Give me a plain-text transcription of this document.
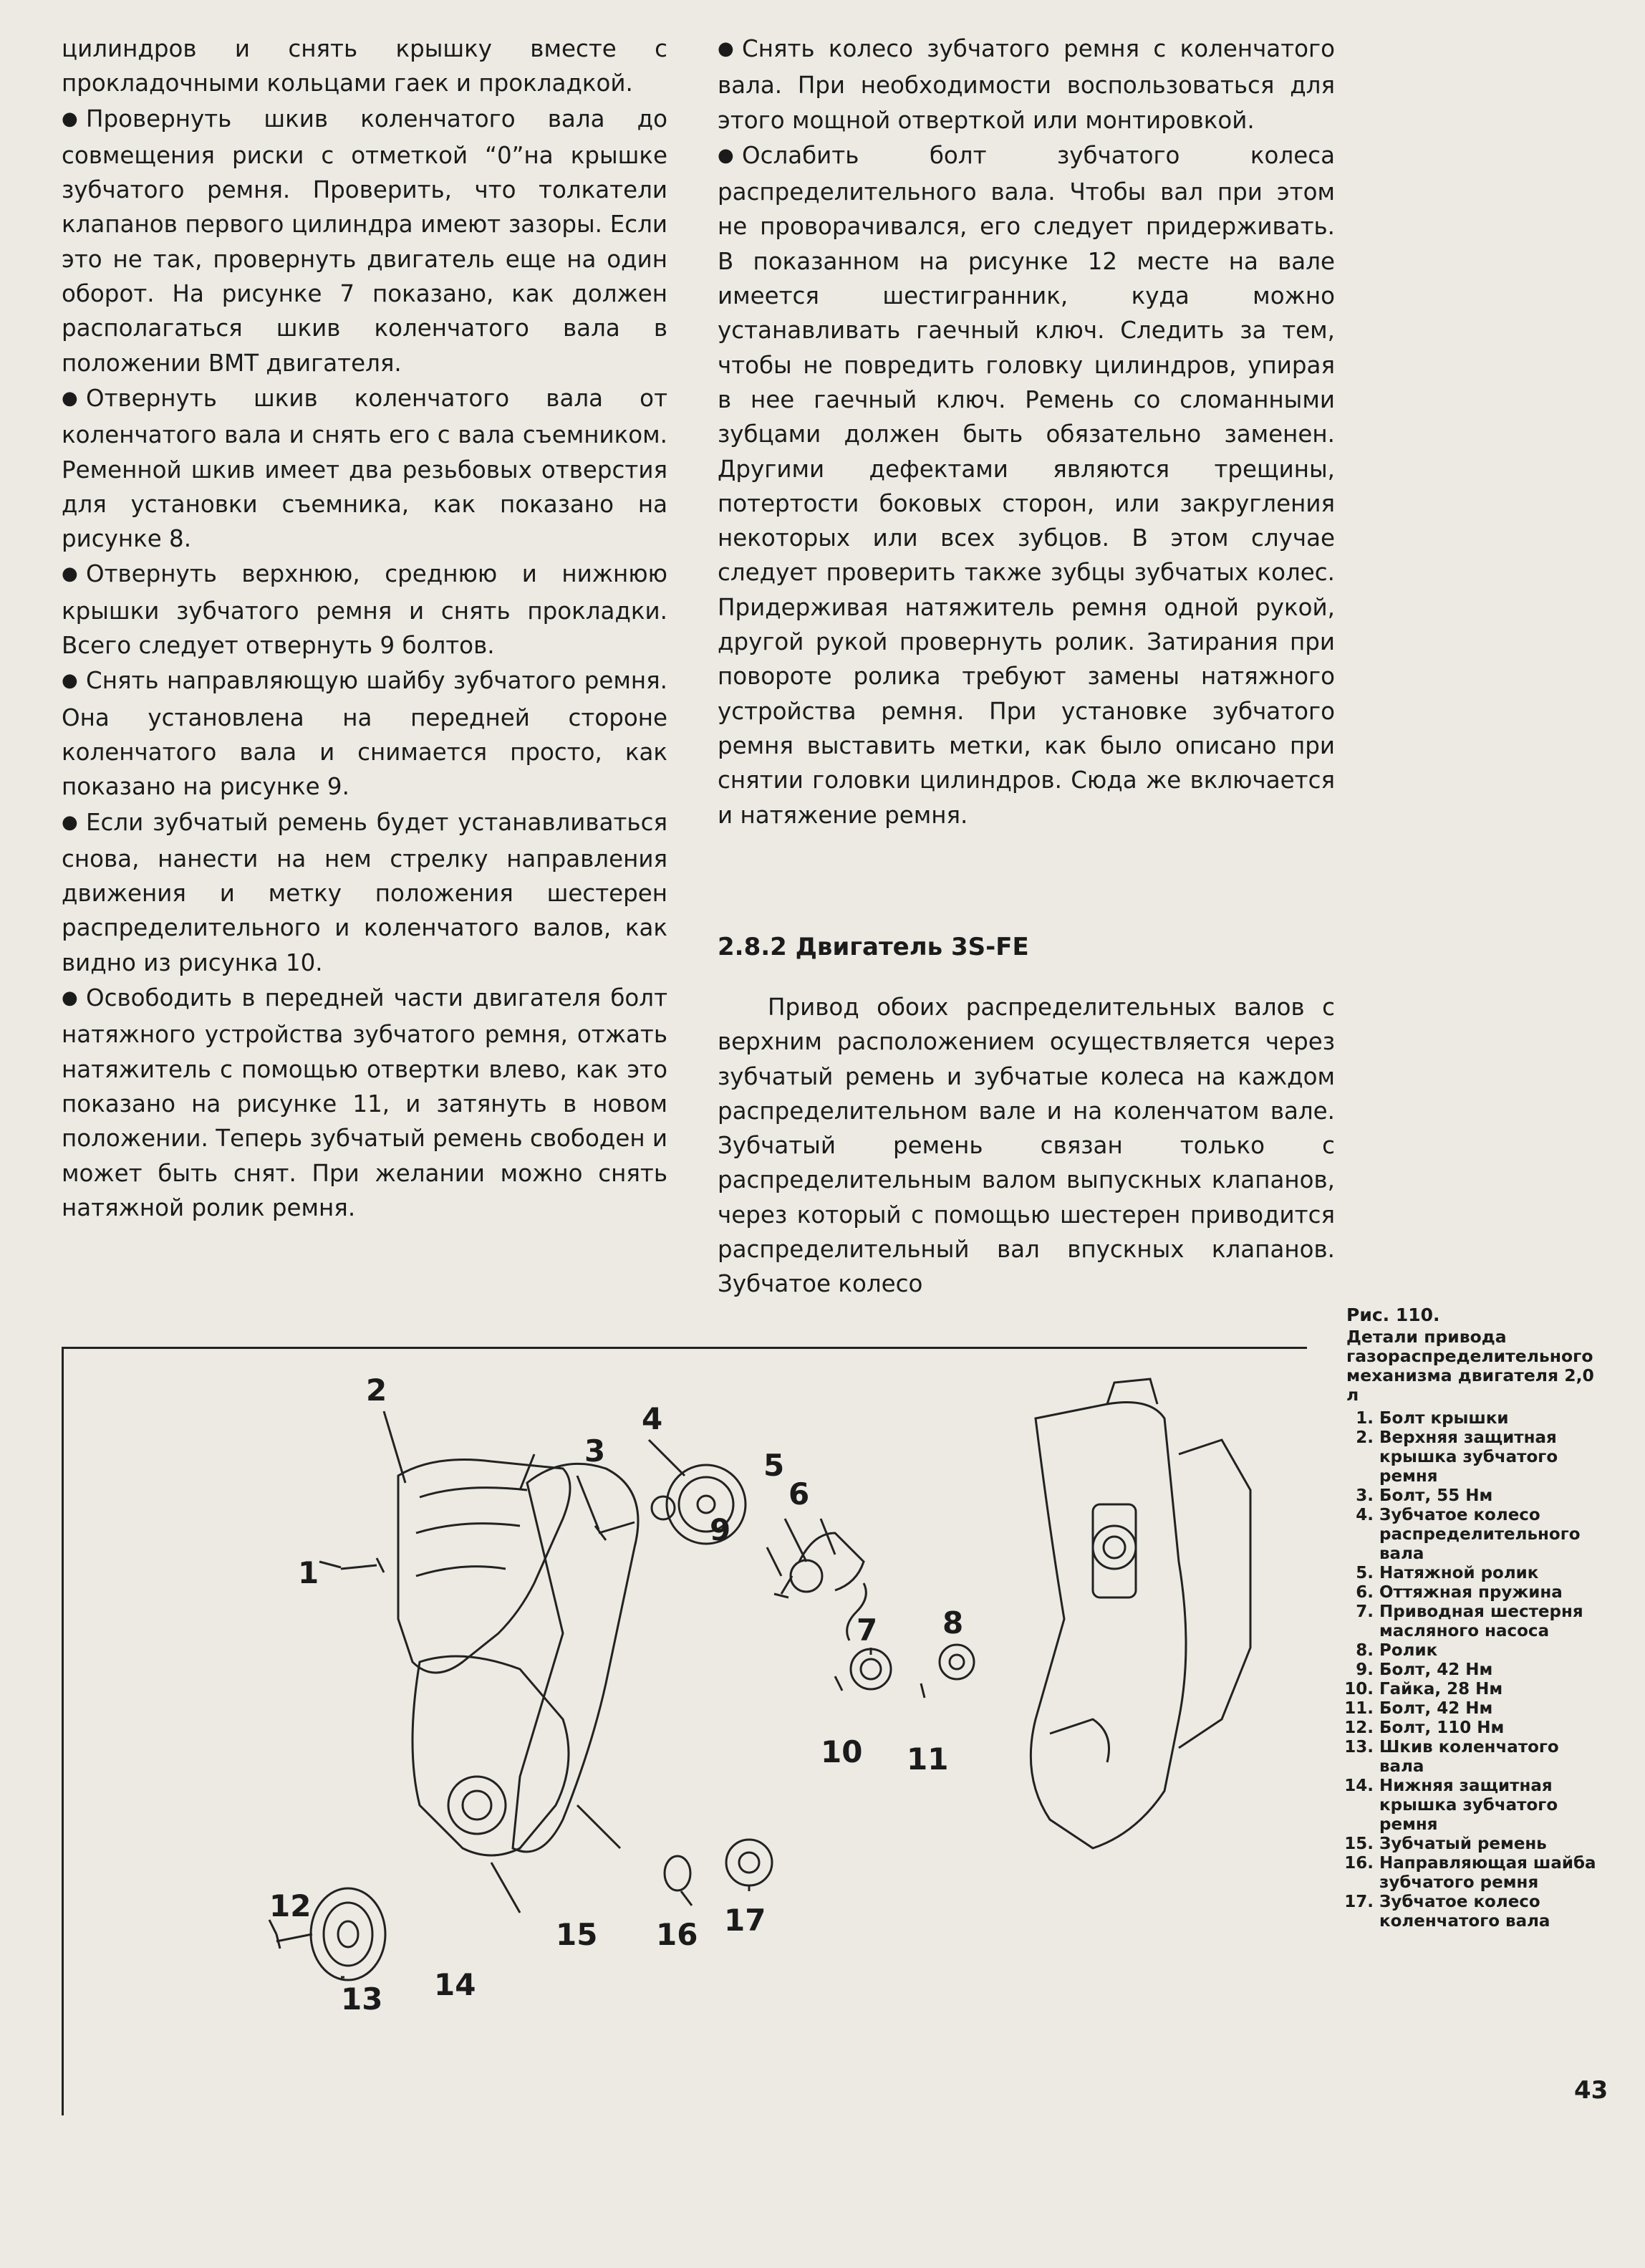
цилиндров и снять крышку вместе с прокладочными кольцами гаек и прокладкой.

●Провернуть шкив коленчатого вала до совмещения риски с отметкой “0”на крышке зубчатого ремня. Проверить, что толкатели клапанов первого цилиндра имеют зазоры. Если это не так, провернуть двигатель еще на один оборот. На рисунке 7 показано, как должен располагаться шкив коленчатого вала в положении ВМТ двигателя.

●Отвернуть шкив коленчатого вала от коленчатого вала и снять его с вала съемником. Ременной шкив имеет два резьбовых отверстия для установки съемника, как показано на рисунке 8.

●Отвернуть верхнюю, среднюю и нижнюю крышки зубчатого ремня и снять прокладки. Всего следует отвернуть 9 болтов.

●Снять направляющую шайбу зубчатого ремня. Она установлена на передней стороне коленчатого вала и снимается просто, как показано на рисунке 9.

●Если зубчатый ремень будет устанавливаться снова, нанести на нем стрелку направления движения и метку положения шестерен распределительного и коленчатого валов, как видно из рисунка 10.

●Освободить в передней части двигателя болт натяжного устройства зубчатого ремня, отжать натяжитель с помощью отвертки влево, как это показано на рисунке 11, и затянуть в новом положении. Теперь зубчатый ремень свободен и может быть снят. При желании можно снять натяжной ролик ремня.

●Снять колесо зубчатого ремня с коленчатого вала. При необходимости воспользоваться для этого мощной отверткой или монтировкой.

●Ослабить болт зубчатого колеса распределительного вала. Чтобы вал при этом не проворачивался, его следует придерживать. В показанном на рисунке 12 месте на вале имеется шестигранник, куда можно устанавливать гаечный ключ. Следить за тем, чтобы не повредить головку цилиндров, упирая в нее гаечный ключ. Ремень со сломанными зубцами должен быть обязательно заменен. Другими дефектами являются трещины, потертости боковых сторон, или закругления некоторых или всех зубцов. В этом случае следует проверить также зубцы зубчатых колес. Придерживая натяжитель ремня одной рукой, другой рукой провернуть ролик. Затирания при повороте ролика требуют замены натяжного устройства ремня. При установке зубчатого ремня выставить метки, как было описано при снятии головки цилиндров. Сюда же включается и натяжение ремня.

2.8.2 Двигатель 3S-FE

Привод обоих распределительных валов с верхним расположением осуществляется через зубчатый ремень и зубчатые колеса на каждом распределительном вале и на коленчатом вале. Зубчатый ремень связан только с распределительным валом выпускных клапанов, через который с помощью шестерен приводится распределительный вал впускных клапанов. Зубчатое колесо

2
3
4
5
6
9
7 8
1
10 11
12
13 14
15 16 17
Рис. 110.
Детали привода газораспределительного механизма двигателя 2,0 л
1. Болт крышки
2. Верхняя защитная крышка зубчатого ремня
3. Болт, 55 Нм
4. Зубчатое колесо распределительного вала
5. Натяжной ролик
6. Оттяжная пружина
7. Приводная шестерня масляного насоса
8. Ролик
9. Болт, 42 Нм
10. Гайка, 28 Нм
11. Болт, 42 Нм
12. Болт, 110 Нм
13. Шкив коленчатого вала
14. Нижняя защитная крышка зубчатого ремня
15. Зубчатый ремень
16. Направляющая шайба зубчатого ремня
17. Зубчатое колесо коленчатого вала
43
